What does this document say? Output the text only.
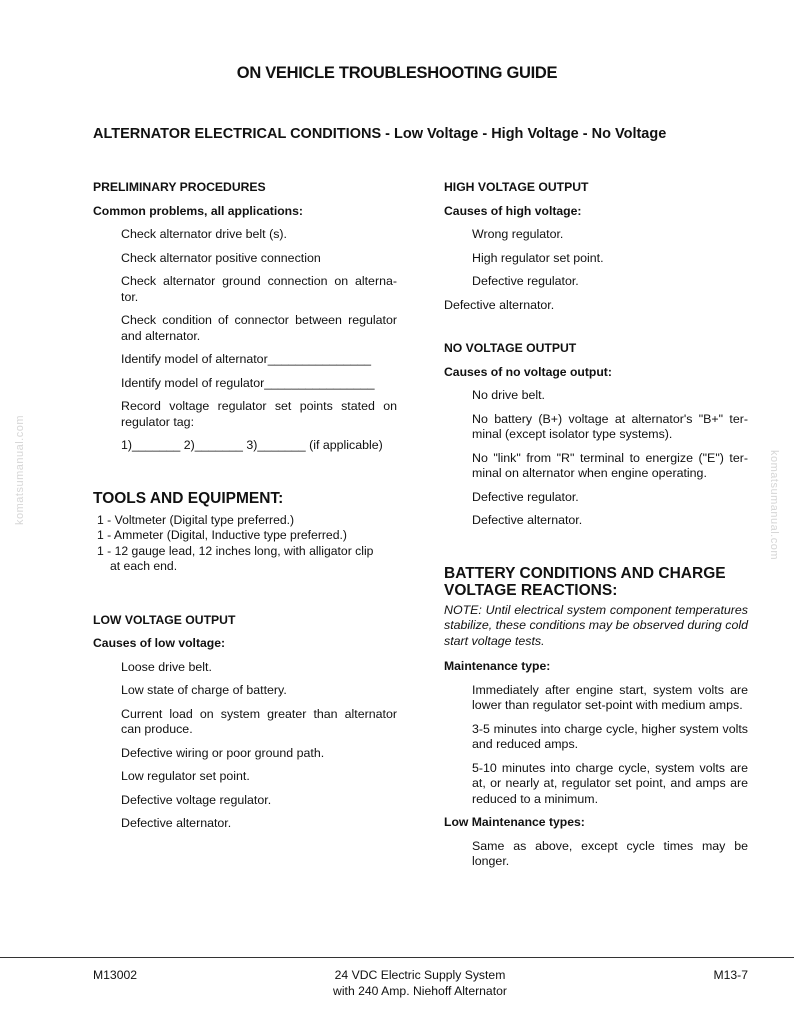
ON VEHICLE TROUBLESHOOTING GUIDE
ALTERNATOR ELECTRICAL CONDITIONS - Low Voltage - High Voltage - No Voltage
komatsumanual.com	komatsumanual.com
PRELIMINARY PROCEDURES
Common problems, all applications:
Check alternator drive belt (s).
Check alternator positive connection
Check alternator ground connection on alterna-tor.
Check condition of connector between regulator and alternator.
Identify model of alternator_______________
Identify model of regulator________________
Record voltage regulator set points stated on regulator tag:
1)_______ 2)_______ 3)_______ (if applicable)
TOOLS AND EQUIPMENT:
1 - Voltmeter (Digital type preferred.)
1 - Ammeter (Digital, Inductive type preferred.)
1 - 12 gauge lead, 12 inches long, with alligator clip
at each end.
LOW VOLTAGE OUTPUT
Causes of low voltage:
Loose drive belt.
Low state of charge of battery.
Current load on system greater than alternator can produce.
Defective wiring or poor ground path.
Low regulator set point.
Defective voltage regulator.
Defective alternator.
HIGH VOLTAGE OUTPUT
Causes of high voltage:
Wrong regulator.
High regulator set point.
Defective regulator.
Defective alternator.
NO VOLTAGE OUTPUT
Causes of no voltage output:
No drive belt.
No battery (B+) voltage at alternator's "B+" ter-minal (except isolator type systems).
No "link" from "R" terminal to energize ("E") ter-minal on alternator when engine operating.
Defective regulator.
Defective alternator.
BATTERY CONDITIONS AND CHARGE
VOLTAGE REACTIONS:
NOTE: Until electrical system component temperatures stabilize, these conditions may be observed during cold start voltage tests.
Maintenance type:
Immediately after engine start, system volts are lower than regulator set-point with medium amps.
3-5 minutes into charge cycle, higher system volts and reduced amps.
5-10 minutes into charge cycle, system volts are at, or nearly at, regulator set point, and amps are reduced to a minimum.
Low Maintenance types:
Same as above, except cycle times may be longer.
M13002	24 VDC Electric Supply System
with 240 Amp. Niehoff Alternator
M13-7
